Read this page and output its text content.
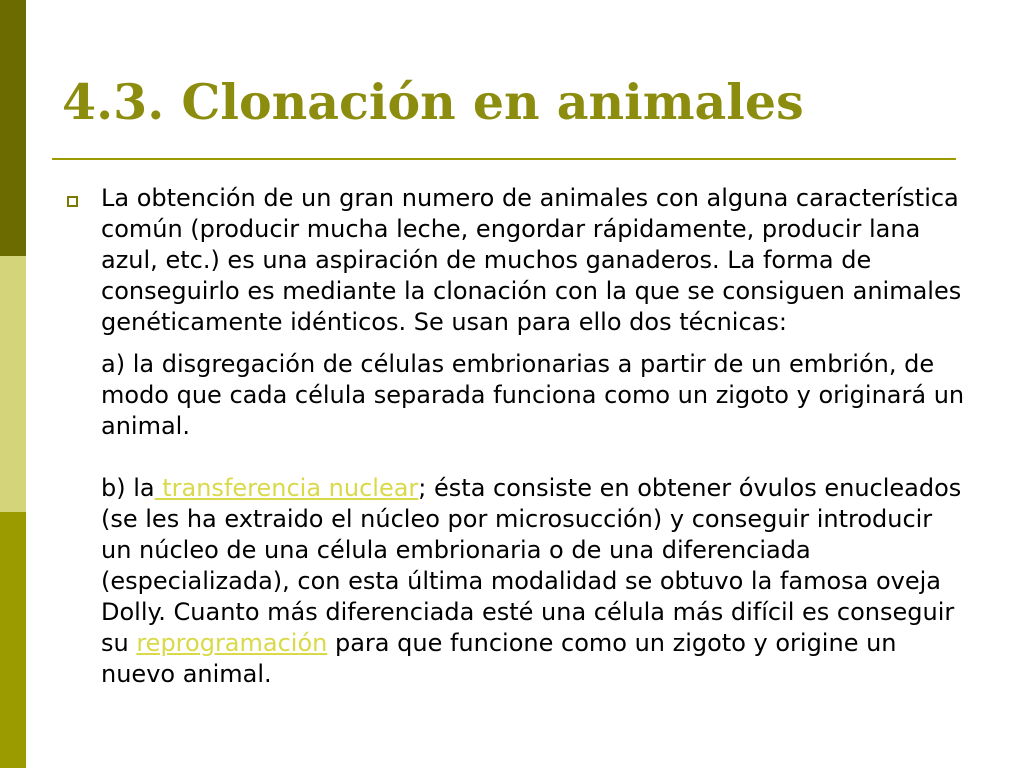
4.3. Clonación en animales

La obtención de un gran numero de animales con alguna característica común (producir mucha leche, engordar rápidamente, producir lana azul, etc.) es una aspiración de muchos ganaderos. La forma de conseguirlo es mediante la clonación con la que se consiguen animales genéticamente idénticos. Se usan para ello dos técnicas:

a) la disgregación de células embrionarias a partir de un embrión, de modo que cada célula separada funciona como un zigoto y originará un animal.

b) la transferencia nuclear; ésta consiste en obtener óvulos enucleados (se les ha extraido el núcleo por microsucción) y conseguir introducir un núcleo de una célula embrionaria o de una diferenciada (especializada), con esta última modalidad se obtuvo la famosa oveja Dolly. Cuanto más diferenciada esté una célula más difícil es conseguir su reprogramación para que funcione como un zigoto y origine un nuevo animal.
